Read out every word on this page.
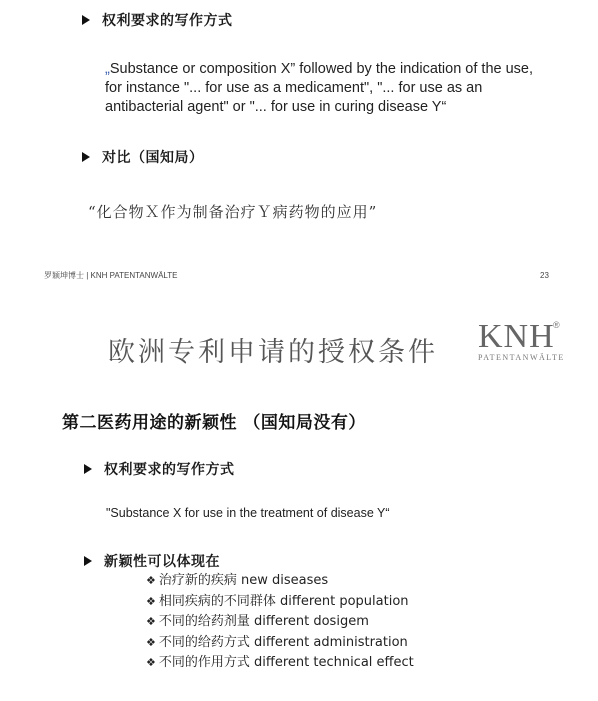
权利要求的写作方式
„Substance or composition X” followed by the indication of the use,
for instance "... for use as a medicament", "... for use as an
antibacterial agent" or "... for use in curing disease Y“
对比（国知局）
“化合物Ｘ作为制备治疗Ｙ病药物的应用”
罗颖坤博士 | KNH PATENTANWÄLTE	23
欧洲专利申请的授权条件 KNH
®
PATENTANWÄLTE
第二医药用途的新颖性 （国知局没有）
权利要求的写作方式
"Substance X for use in the treatment of disease Y“
新颖性可以体现在
❖ 治疗新的疾病 new diseases
❖ 相同疾病的不同群体 different population
❖ 不同的给药剂量 different dosigem
❖ 不同的给药方式 different administration
❖ 不同的作用方式 different technical effect
